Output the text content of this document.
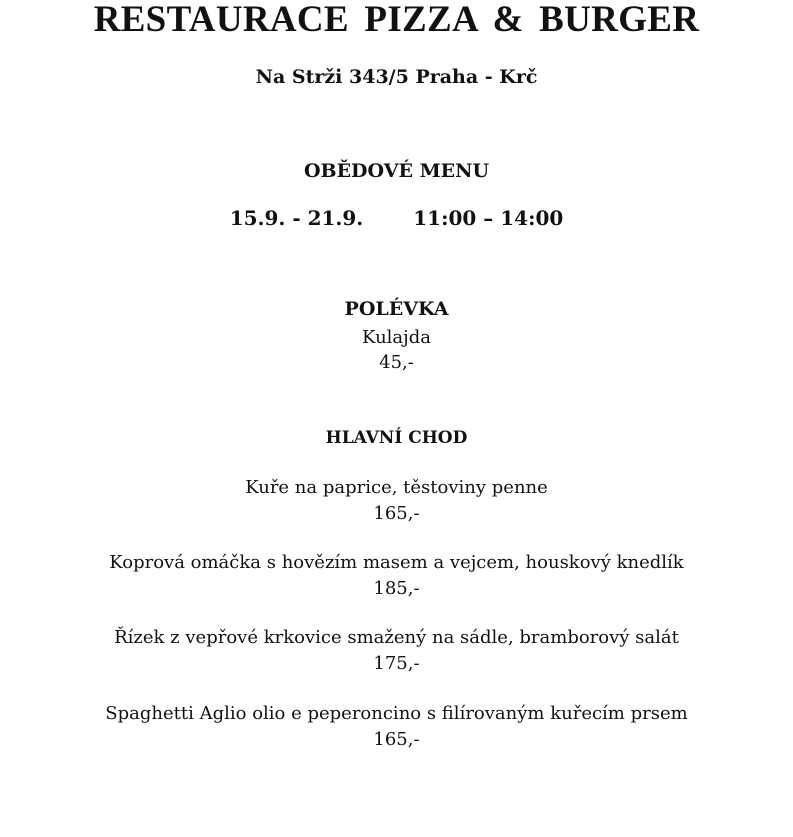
RESTAURACE PIZZA & BURGER
Na Strži 343/5 Praha - Krč
OBĚDOVÉ MENU
15.9. - 21.9.	11:00 – 14:00
POLÉVKA
Kulajda
45,-
HLAVNÍ CHOD
Kuře na paprice, těstoviny penne
165,-
Koprová omáčka s hovězím masem a vejcem, houskový knedlík
185,-
Řízek z vepřové krkovice smažený na sádle, bramborový salát
175,-
Spaghetti Aglio olio e peperoncino s filírovaným kuřecím prsem
165,-
